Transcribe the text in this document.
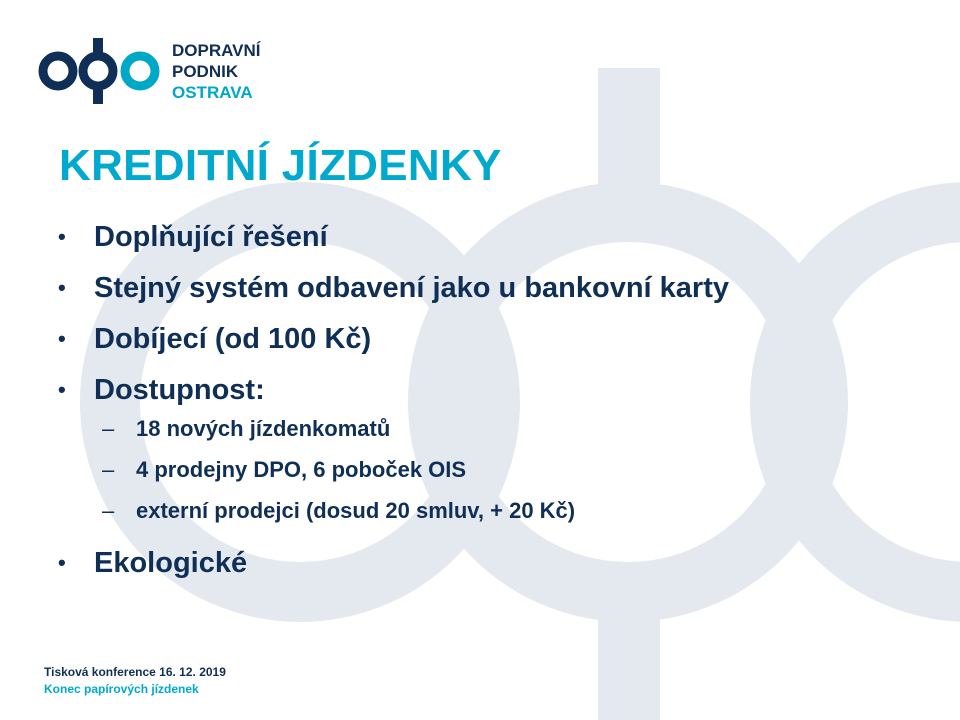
DOPRAVNÍ
PODNIK
OSTRAVA
KREDITNÍ JÍZDENKY
• Doplňující řešení
• Stejný systém odbavení jako u bankovní karty
• Dobíjecí (od 100 Kč)
• Dostupnost:
– 18 nových jízdenkomatů
– 4 prodejny DPO, 6 poboček OIS
– externí prodejci (dosud 20 smluv, + 20 Kč)
• Ekologické
Tisková konference 16. 12. 2019
Konec papírových jízdenek
